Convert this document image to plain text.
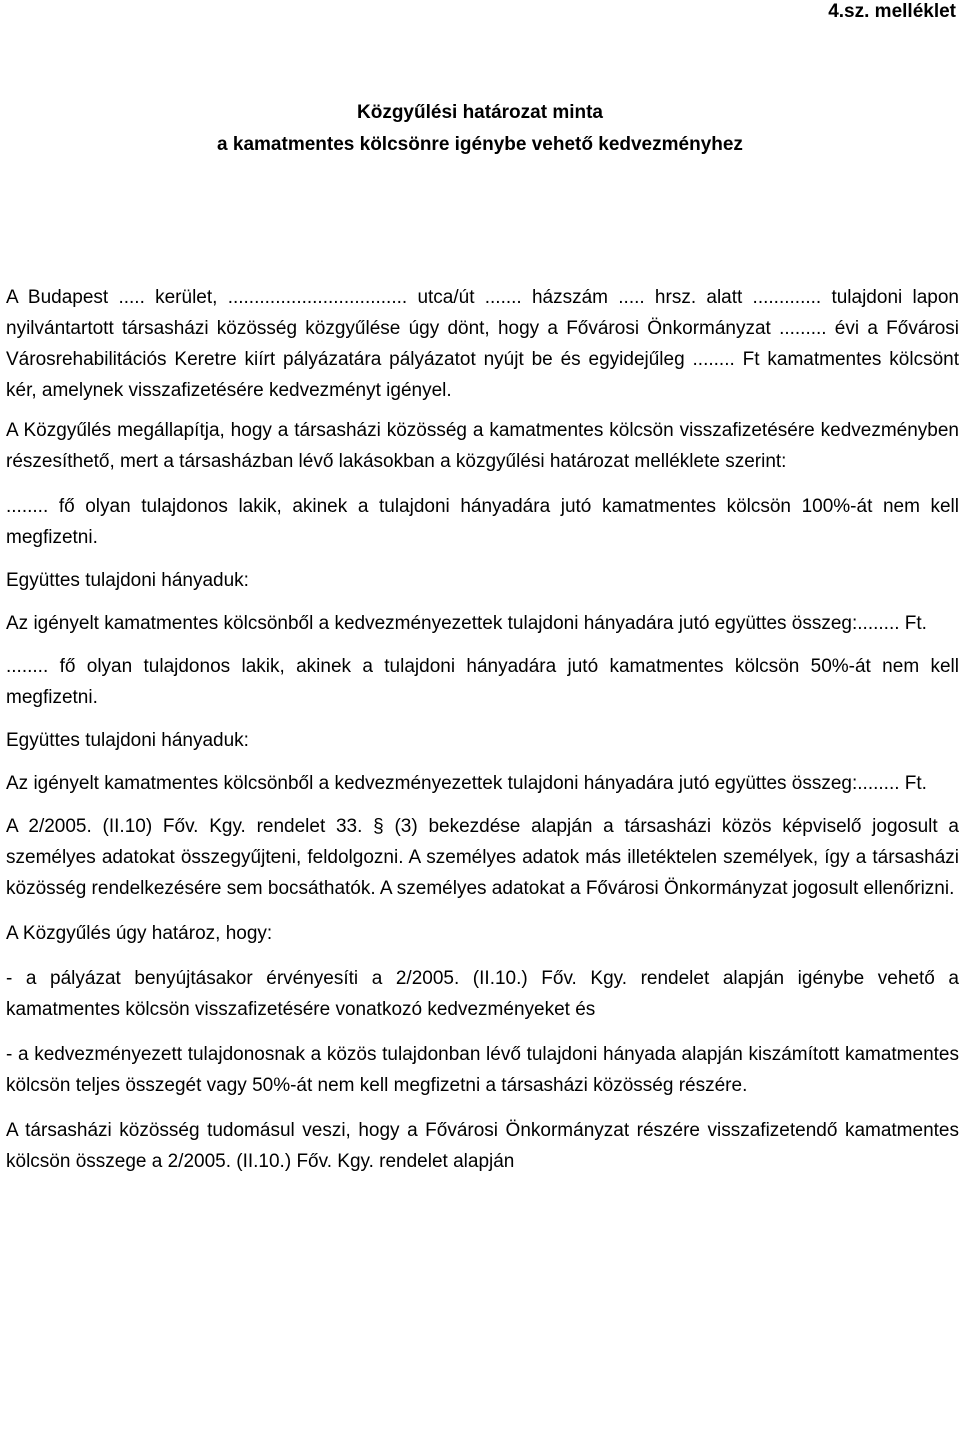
4.sz. melléklet
Közgyűlési határozat minta
a kamatmentes kölcsönre igénybe vehető kedvezményhez

A Budapest ..... kerület, .................................. utca/út ....... házszám ..... hrsz. alatt ............. tulajdoni lapon nyilvántartott társasházi közösség közgyűlése úgy dönt, hogy a Fővárosi Önkormányzat ......... évi a Fővárosi Városrehabilitációs Keretre kiírt pályázatára pályázatot nyújt be és egyidejűleg ........ Ft kamatmentes kölcsönt kér, amelynek visszafizetésére kedvezményt igényel.

A Közgyűlés megállapítja, hogy a társasházi közösség a kamatmentes kölcsön visszafizetésére kedvezményben részesíthető, mert a társasházban lévő lakásokban a közgyűlési határozat melléklete szerint:

........ fő olyan tulajdonos lakik, akinek a tulajdoni hányadára jutó kamatmentes kölcsön 100%-át nem kell megfizetni.

Együttes tulajdoni hányaduk:

Az igényelt kamatmentes kölcsönből a kedvezményezettek tulajdoni hányadára jutó együttes összeg:........ Ft.

........ fő olyan tulajdonos lakik, akinek a tulajdoni hányadára jutó kamatmentes kölcsön 50%-át nem kell megfizetni.

Együttes tulajdoni hányaduk:

Az igényelt kamatmentes kölcsönből a kedvezményezettek tulajdoni hányadára jutó együttes összeg:........ Ft.

A 2/2005. (II.10) Főv. Kgy. rendelet 33. § (3) bekezdése alapján a társasházi közös képviselő jogosult a személyes adatokat összegyűjteni, feldolgozni. A személyes adatok más illetéktelen személyek, így a társasházi közösség rendelkezésére sem bocsáthatók. A személyes adatokat a Fővárosi Önkormányzat jogosult ellenőrizni.

A Közgyűlés úgy határoz, hogy:

- a pályázat benyújtásakor érvényesíti a 2/2005. (II.10.) Főv. Kgy. rendelet alapján igénybe vehető a kamatmentes kölcsön visszafizetésére vonatkozó kedvezményeket és

- a kedvezményezett tulajdonosnak a közös tulajdonban lévő tulajdoni hányada alapján kiszámított kamatmentes kölcsön teljes összegét vagy 50%-át nem kell megfizetni a társasházi közösség részére.

A társasházi közösség tudomásul veszi, hogy a Fővárosi Önkormányzat részére visszafizetendő kamatmentes kölcsön összege a 2/2005. (II.10.) Főv. Kgy. rendelet alapján
